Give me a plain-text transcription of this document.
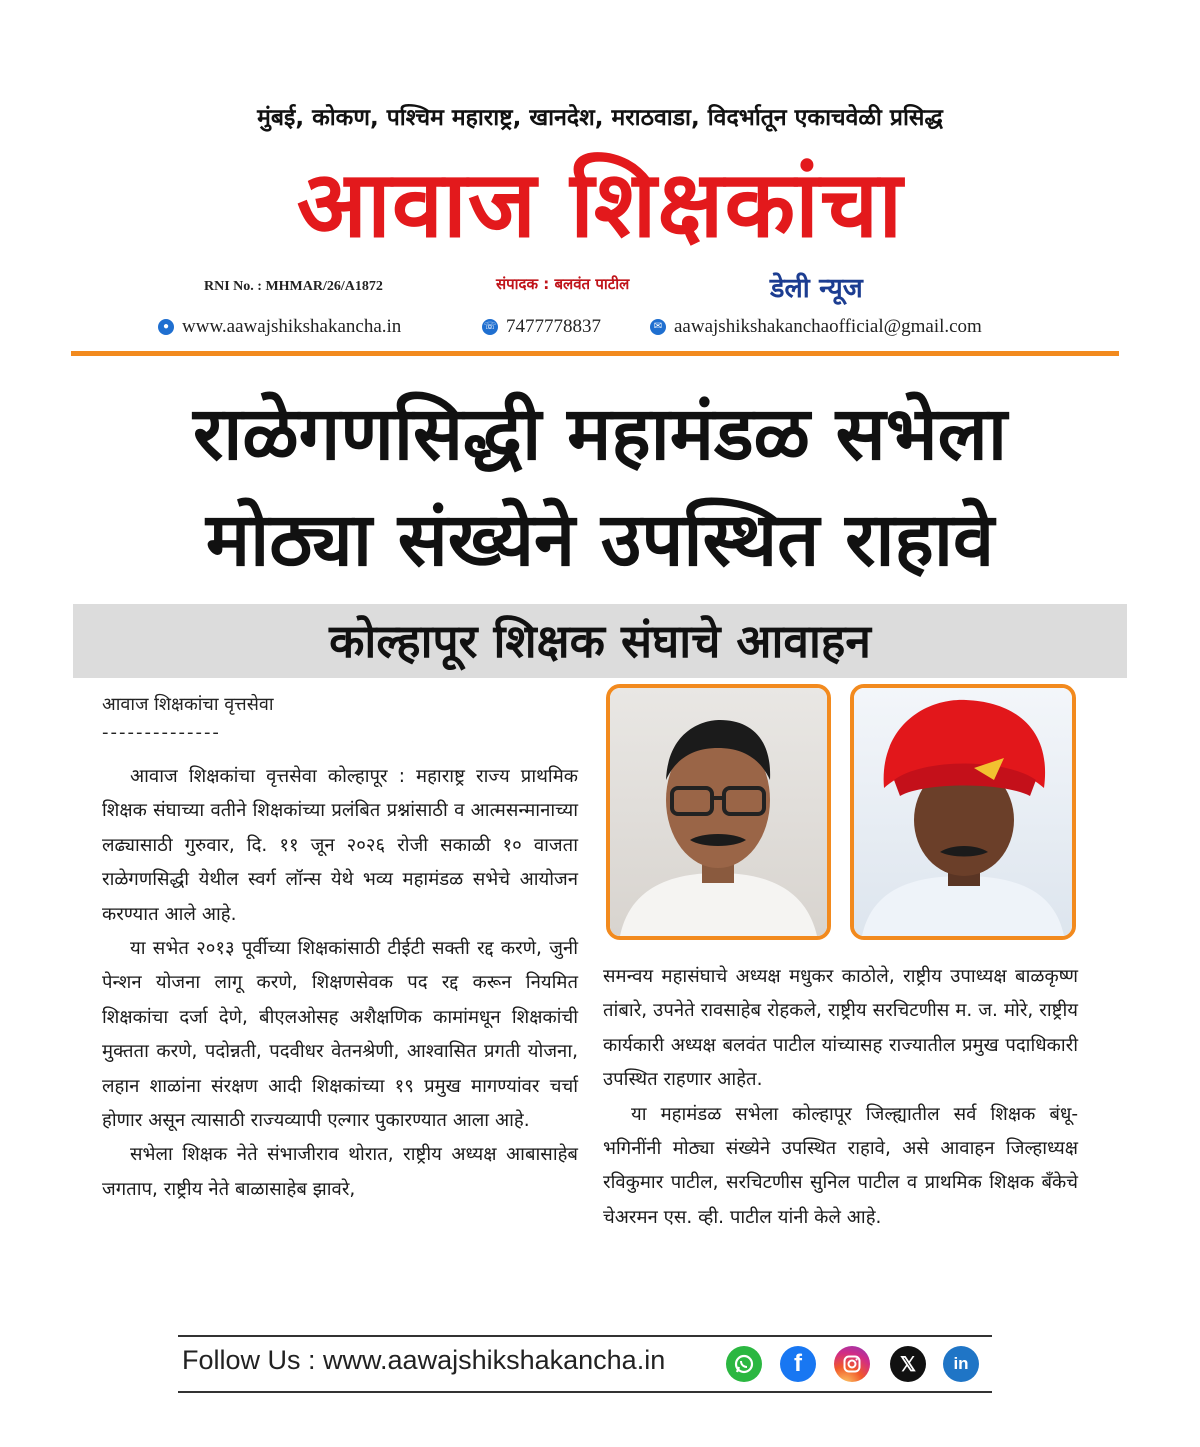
मुंबई, कोकण, पश्चिम महाराष्ट्र, खानदेश, मराठवाडा, विदर्भातून एकाचवेळी प्रसिद्ध
आवाज शिक्षकांचा
RNI No. : MHMAR/26/A1872	संपादक : बलवंत पाटील	डेली न्यूज
● www.aawajshikshakancha.in	☏ 7477778837	✉ aawajshikshakanchaofficial@gmail.com
राळेगणसिद्धी महामंडळ सभेला
मोठ्या संख्येने उपस्थित राहावे
कोल्हापूर शिक्षक संघाचे आवाहन
आवाज शिक्षकांचा वृत्तसेवा
--------------

आवाज शिक्षकांचा वृत्तसेवा कोल्हापूर : महाराष्ट्र राज्य प्राथमिक शिक्षक संघाच्या वतीने शिक्षकांच्या प्रलंबित प्रश्नांसाठी व आत्मसन्मानाच्या लढ्यासाठी गुरुवार, दि. ११ जून २०२६ रोजी सकाळी १० वाजता राळेगणसिद्धी येथील स्वर्ग लॉन्स येथे भव्य महामंडळ सभेचे आयोजन करण्यात आले आहे.

या सभेत २०१३ पूर्वीच्या शिक्षकांसाठी टीईटी सक्ती रद्द करणे, जुनी पेन्शन योजना लागू करणे, शिक्षणसेवक पद रद्द करून नियमित शिक्षकांचा दर्जा देणे, बीएलओसह अशैक्षणिक कामांमधून शिक्षकांची मुक्तता करणे, पदोन्नती, पदवीधर वेतनश्रेणी, आश्वासित प्रगती योजना, लहान शाळांना संरक्षण आदी शिक्षकांच्या १९ प्रमुख मागण्यांवर चर्चा होणार असून त्यासाठी राज्यव्यापी एल्गार पुकारण्यात आला आहे.

सभेला शिक्षक नेते संभाजीराव थोरात, राष्ट्रीय अध्यक्ष आबासाहेब जगताप, राष्ट्रीय नेते बाळासाहेब झावरे,

समन्वय महासंघाचे अध्यक्ष मधुकर काठोले, राष्ट्रीय उपाध्यक्ष बाळकृष्ण तांबारे, उपनेते रावसाहेब रोहकले, राष्ट्रीय सरचिटणीस म. ज. मोरे, राष्ट्रीय कार्यकारी अध्यक्ष बलवंत पाटील यांच्यासह राज्यातील प्रमुख पदाधिकारी उपस्थित राहणार आहेत.

या महामंडळ सभेला कोल्हापूर जिल्ह्यातील सर्व शिक्षक बंधू-भगिनींनी मोठ्या संख्येने उपस्थित राहावे, असे आवाहन जिल्हाध्यक्ष रविकुमार पाटील, सरचिटणीस सुनिल पाटील व प्राथमिक शिक्षक बँकेचे चेअरमन एस. व्ही. पाटील यांनी केले आहे.

Follow Us : www.aawajshikshakancha.in	f	𝕏	in
